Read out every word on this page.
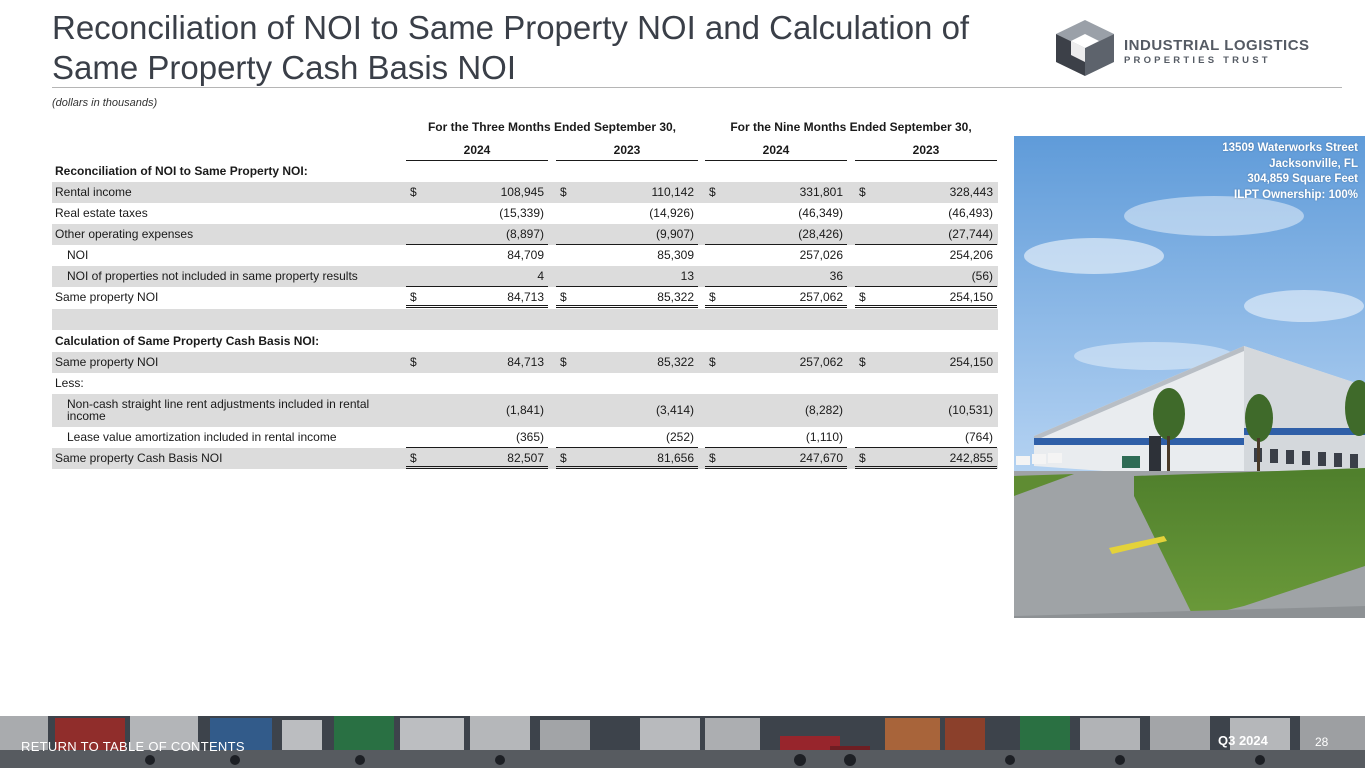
Reconciliation of NOI to Same Property NOI and Calculation of Same Property Cash Basis NOI
(dollars in thousands)
INDUSTRIAL LOGISTICS
PROPERTIES TRUST
For the Three Months Ended September 30,	For the Nine Months Ended September 30,
2024	2023	2024	2023
Reconciliation of NOI to Same Property NOI:
Rental income	$	108,945 $	110,142 $	331,801 $	328,443
Real estate taxes	(15,339)	(14,926)	(46,349)	(46,493)
Other operating expenses	(8,897)	(9,907)	(28,426)	(27,744)
NOI	84,709	85,309	257,026	254,206
NOI of properties not included in same property results	4	13	36	(56)
Same property NOI	$	84,713 $	85,322 $	257,062 $	254,150
Calculation of Same Property Cash Basis NOI:
Same property NOI	$	84,713 $	85,322 $	257,062 $	254,150
Less:
Non-cash straight line rent adjustments included in rental income	(1,841)	(3,414)	(8,282)	(10,531)
Lease value amortization included in rental income	(365)	(252)	(1,110)	(764)
Same property Cash Basis NOI	$	82,507 $	81,656 $	247,670 $	242,855
13509 Waterworks Street
Jacksonville, FL
304,859 Square Feet
ILPT Ownership: 100%
RETURN TO TABLE OF CONTENTS	Q3 2024	28
